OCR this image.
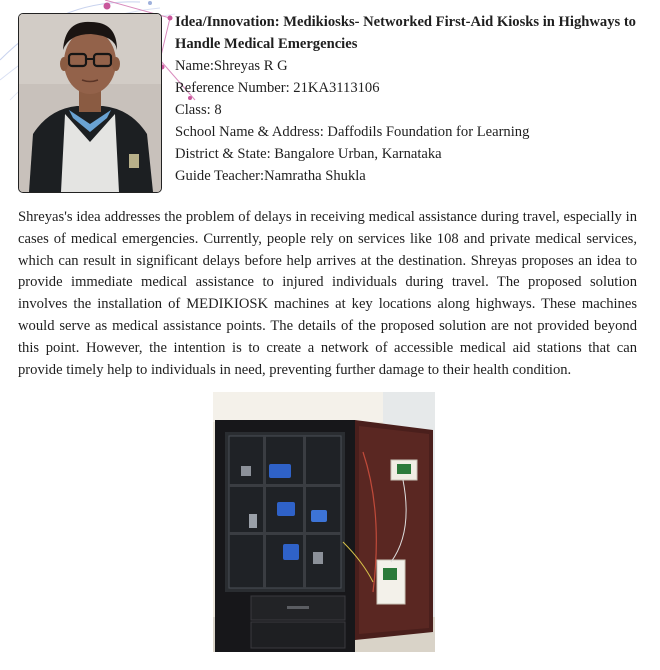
Idea/Innovation: Medikiosks- Networked First-Aid Kiosks in Highways to Handle Medical Emergencies

Name:Shreyas R G

Reference Number: 21KA3113106

Class: 8

School Name & Address: Daffodils Foundation for Learning

District & State: Bangalore Urban, Karnataka

Guide Teacher:Namratha Shukla

Shreyas's idea addresses the problem of delays in receiving medical assistance during travel, especially in cases of medical emergencies. Currently, people rely on services like 108 and private medical services, which can result in significant delays before help arrives at the destination. Shreyas proposes an idea to provide immediate medical assistance to injured individuals during travel. The proposed solution involves the installation of MEDIKIOSK machines at key locations along highways. These machines would serve as medical assistance points. The details of the proposed solution are not provided beyond this point. However, the intention is to create a network of accessible medical aid stations that can provide timely help to individuals in need, preventing further damage to their health condition.
